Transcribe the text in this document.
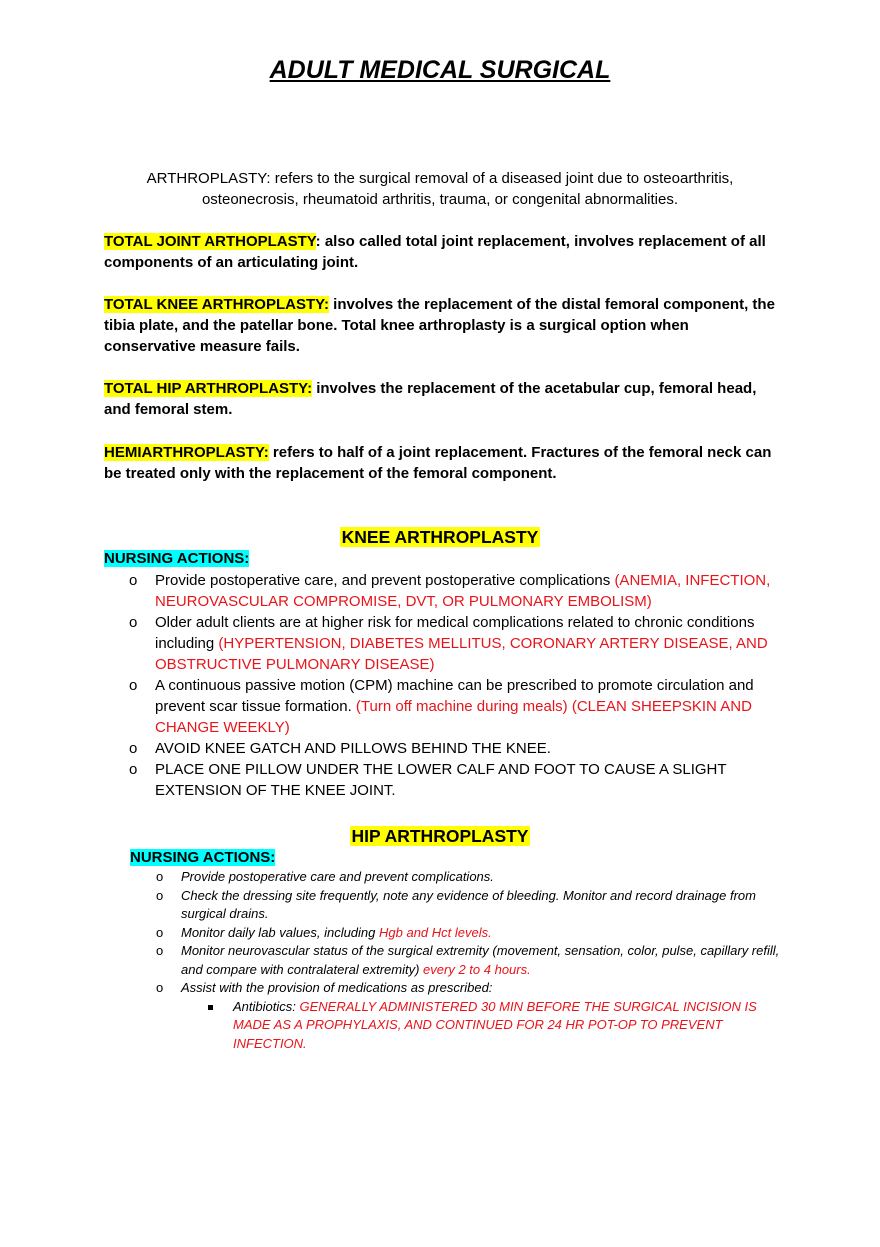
ADULT MEDICAL SURGICAL
ARTHROPLASTY: refers to the surgical removal of a diseased joint due to osteoarthritis, osteonecrosis, rheumatoid arthritis, trauma, or congenital abnormalities.
TOTAL JOINT ARTHOPLASTY: also called total joint replacement, involves replacement of all components of an articulating joint.
TOTAL KNEE ARTHROPLASTY: involves the replacement of the distal femoral component, the tibia plate, and the patellar bone. Total knee arthroplasty is a surgical option when conservative measure fails.
TOTAL HIP ARTHROPLASTY: involves the replacement of the acetabular cup, femoral head, and femoral stem.
HEMIARTHROPLASTY: refers to half of a joint replacement. Fractures of the femoral neck can be treated only with the replacement of the femoral component.
KNEE ARTHROPLASTY
NURSING ACTIONS:
o Provide postoperative care, and prevent postoperative complications (ANEMIA, INFECTION, NEUROVASCULAR COMPROMISE, DVT, OR PULMONARY EMBOLISM)
o Older adult clients are at higher risk for medical complications related to chronic conditions including (HYPERTENSION, DIABETES MELLITUS, CORONARY ARTERY DISEASE, AND OBSTRUCTIVE PULMONARY DISEASE)
o A continuous passive motion (CPM) machine can be prescribed to promote circulation and prevent scar tissue formation. (Turn off machine during meals) (CLEAN SHEEPSKIN AND CHANGE WEEKLY)
o AVOID KNEE GATCH AND PILLOWS BEHIND THE KNEE.
o PLACE ONE PILLOW UNDER THE LOWER CALF AND FOOT TO CAUSE A SLIGHT EXTENSION OF THE KNEE JOINT.
HIP ARTHROPLASTY
NURSING ACTIONS:
o Provide postoperative care and prevent complications.
o Check the dressing site frequently, note any evidence of bleeding. Monitor and record drainage from surgical drains.
o Monitor daily lab values, including Hgb and Hct levels.
o Monitor neurovascular status of the surgical extremity (movement, sensation, color, pulse, capillary refill, and compare with contralateral extremity) every 2 to 4 hours.
o Assist with the provision of medications as prescribed:
Antibiotics: GENERALLY ADMINISTERED 30 MIN BEFORE THE SURGICAL INCISION IS MADE AS A PROPHYLAXIS, AND CONTINUED FOR 24 HR POT-OP TO PREVENT INFECTION.
